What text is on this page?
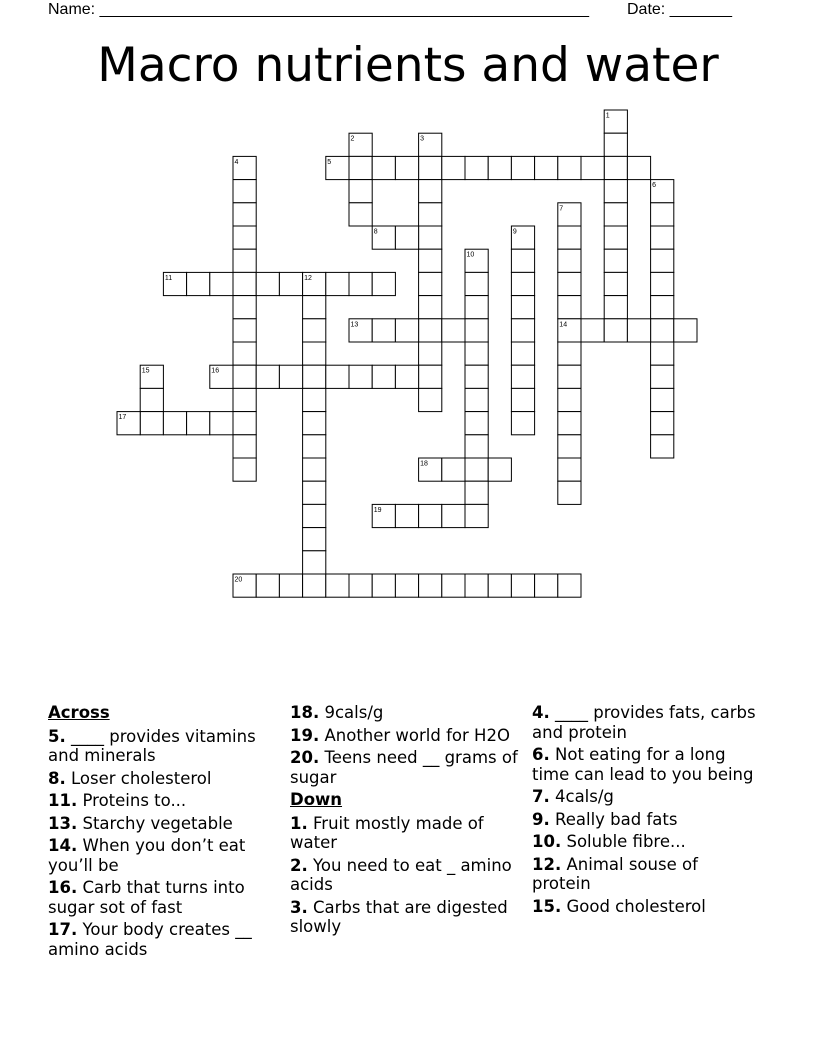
Name: _______________________________________________________ Date: _______
Macro nutrients and water
1
2	3
4	5
6
7
8	9
10
11	12
13	14
15	16
17
18
19
20
Across
5. ____ provides vitamins and minerals
8. Loser cholesterol
11. Proteins to...
13. Starchy vegetable
14. When you don’t eat you’ll be
16. Carb that turns into sugar sot of fast
17. Your body creates __ amino acids
18. 9cals/g
19. Another world for H2O
20. Teens need __ grams of sugar
Down
1. Fruit mostly made of water
2. You need to eat _ amino acids
3. Carbs that are digested slowly
4. ____ provides fats, carbs and protein
6. Not eating for a long time can lead to you being
7. 4cals/g
9. Really bad fats
10. Soluble fibre...
12. Animal souse of protein
15. Good cholesterol
